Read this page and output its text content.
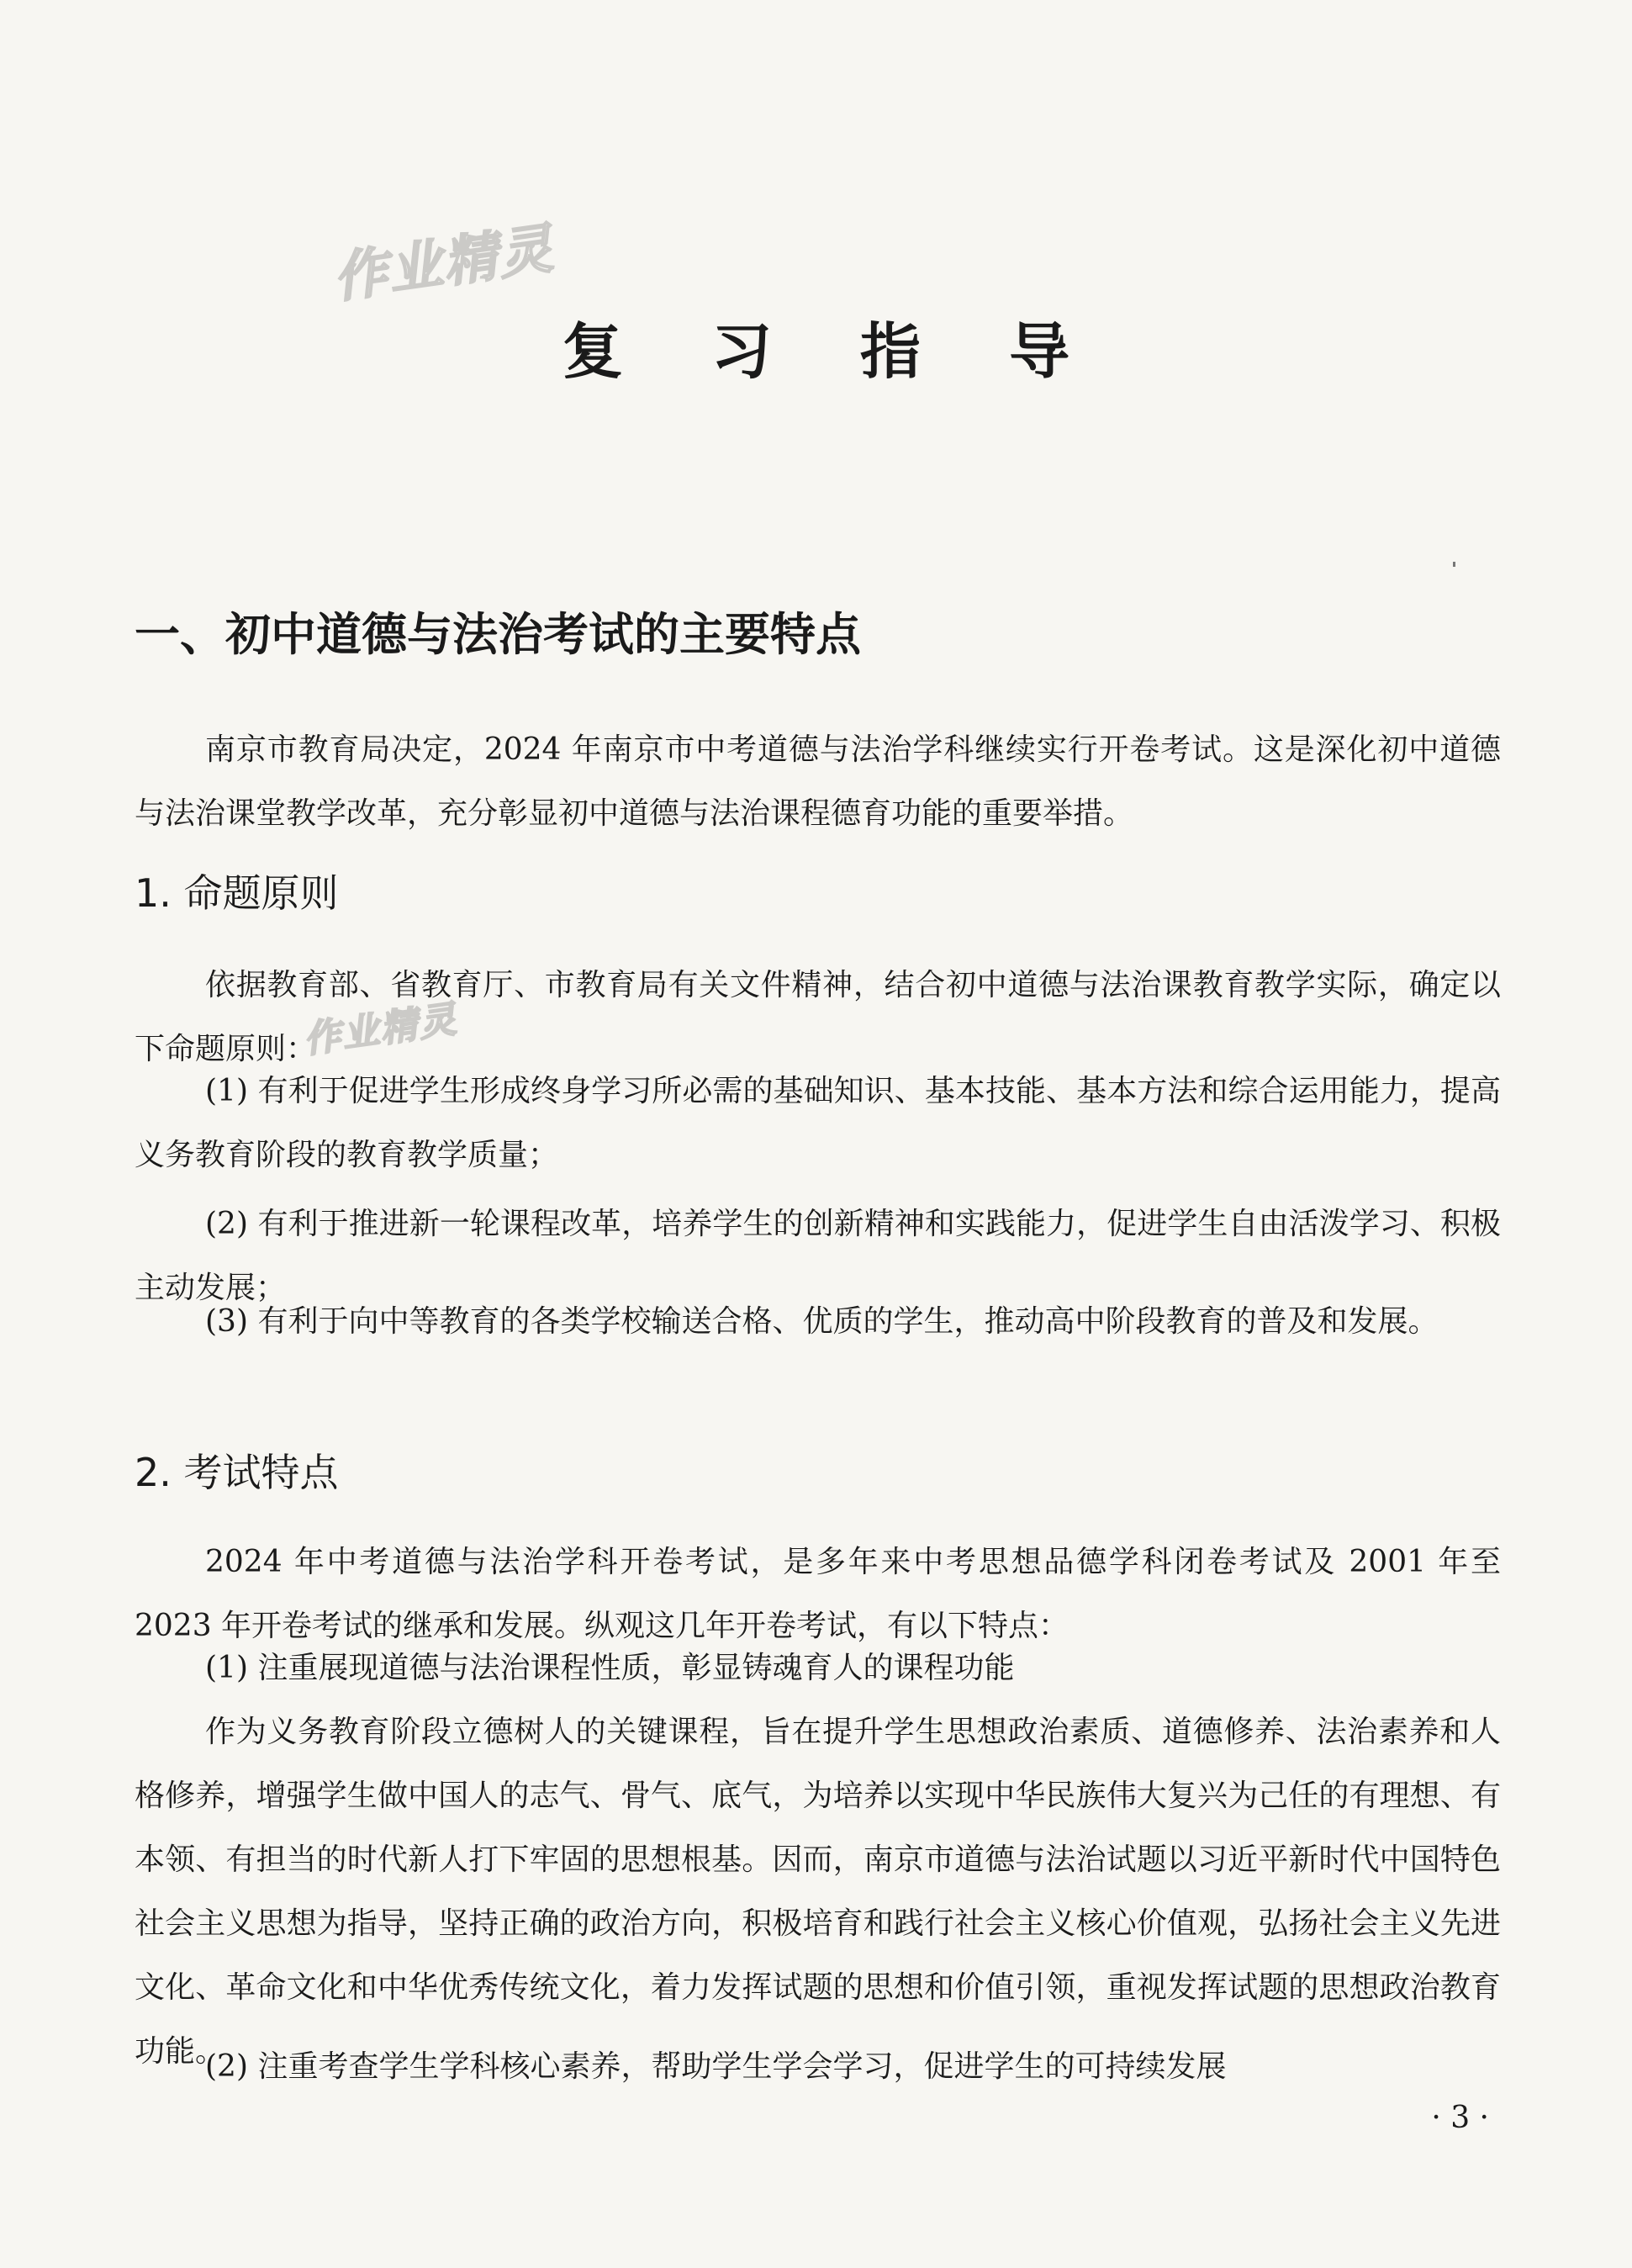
作业精灵
作业精灵
复 习 指 导
一、初中道德与法治考试的主要特点

南京市教育局决定，2024 年南京市中考道德与法治学科继续实行开卷考试。这是深化初中道德与法治课堂教学改革，充分彰显初中道德与法治课程德育功能的重要举措。

1. 命题原则

依据教育部、省教育厅、市教育局有关文件精神，结合初中道德与法治课教育教学实际，确定以下命题原则：

(1) 有利于促进学生形成终身学习所必需的基础知识、基本技能、基本方法和综合运用能力，提高义务教育阶段的教育教学质量；

(2) 有利于推进新一轮课程改革，培养学生的创新精神和实践能力，促进学生自由活泼学习、积极主动发展；

(3) 有利于向中等教育的各类学校输送合格、优质的学生，推动高中阶段教育的普及和发展。

2. 考试特点

2024 年中考道德与法治学科开卷考试，是多年来中考思想品德学科闭卷考试及 2001 年至 2023 年开卷考试的继承和发展。纵观这几年开卷考试，有以下特点：

(1) 注重展现道德与法治课程性质，彰显铸魂育人的课程功能

作为义务教育阶段立德树人的关键课程，旨在提升学生思想政治素质、道德修养、法治素养和人格修养，增强学生做中国人的志气、骨气、底气，为培养以实现中华民族伟大复兴为己任的有理想、有本领、有担当的时代新人打下牢固的思想根基。因而，南京市道德与法治试题以习近平新时代中国特色社会主义思想为指导，坚持正确的政治方向，积极培育和践行社会主义核心价值观，弘扬社会主义先进文化、革命文化和中华优秀传统文化，着力发挥试题的思想和价值引领，重视发挥试题的思想政治教育功能。

(2) 注重考查学生学科核心素养，帮助学生学会学习，促进学生的可持续发展

· 3 ·
